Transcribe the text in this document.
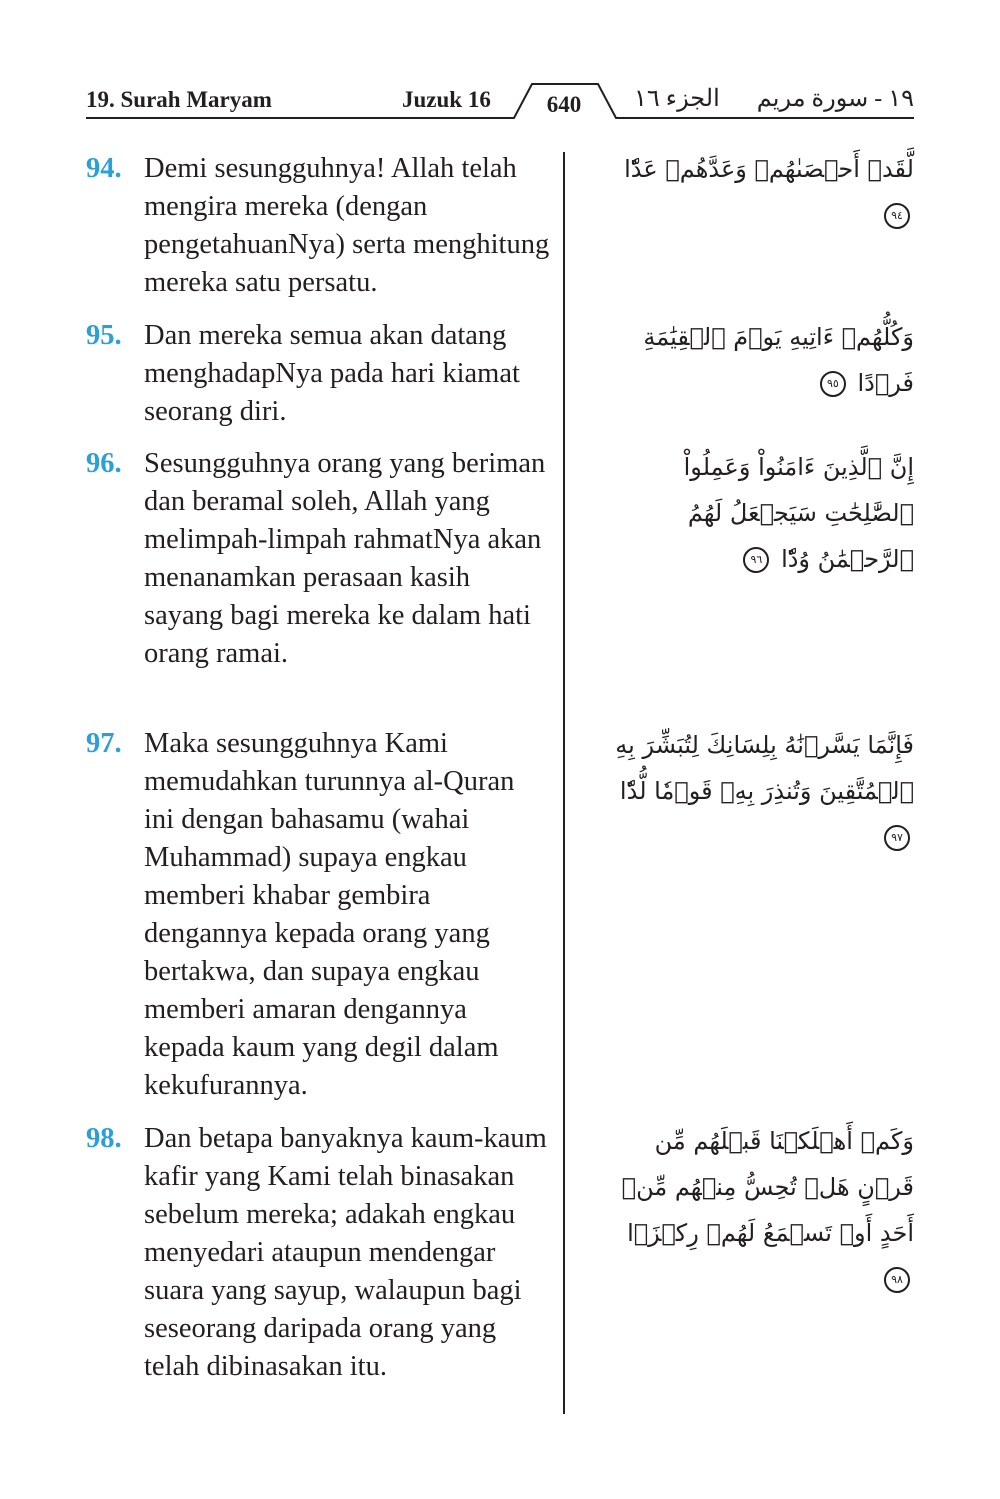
19. Surah Maryam	Juzuk 16 640 الجزء ١٦ ١٩ - سورة مريم
94. Demi sesungguhnya! Allah telah mengira mereka (dengan pengetahuanNya) serta menghitung mereka satu persatu.
لَّقَدۡ أَحۡصَىٰهُمۡ وَعَدَّهُمۡ عَدّٗا ٩٤
95. Dan mereka semua akan datang menghadapNya pada hari kiamat seorang diri.
وَكُلُّهُمۡ ءَاتِيهِ يَوۡمَ ٱلۡقِيَٰمَةِ فَرۡدًا ٩٥
96. Sesungguhnya orang yang beriman dan beramal soleh, Allah yang melimpah-limpah rahmatNya akan menanamkan perasaan kasih sayang bagi mereka ke dalam hati orang ramai.
إِنَّ ٱلَّذِينَ ءَامَنُواْ وَعَمِلُواْ ٱلصَّٰلِحَٰتِ سَيَجۡعَلُ لَهُمُ ٱلرَّحۡمَٰنُ وُدّٗا ٩٦
97. Maka sesungguhnya Kami memudahkan turunnya al-Quran ini dengan bahasamu (wahai Muhammad) supaya engkau memberi khabar gembira dengannya kepada orang yang bertakwa, dan supaya engkau memberi amaran dengannya kepada kaum yang degil dalam kekufurannya.
فَإِنَّمَا يَسَّرۡنَٰهُ بِلِسَانِكَ لِتُبَشِّرَ بِهِ ٱلۡمُتَّقِينَ وَتُنذِرَ بِهِۦ قَوۡمٗا لُّدّٗا ٩٧
98. Dan betapa banyaknya kaum-kaum kafir yang Kami telah binasakan sebelum mereka; adakah engkau menyedari ataupun mendengar suara yang sayup, walaupun bagi seseorang daripada orang yang telah dibinasakan itu.
وَكَمۡ أَهۡلَكۡنَا قَبۡلَهُم مِّن قَرۡنٍ هَلۡ تُحِسُّ مِنۡهُم مِّنۡ أَحَدٍ أَوۡ تَسۡمَعُ لَهُمۡ رِكۡزَۢا ٩٨
